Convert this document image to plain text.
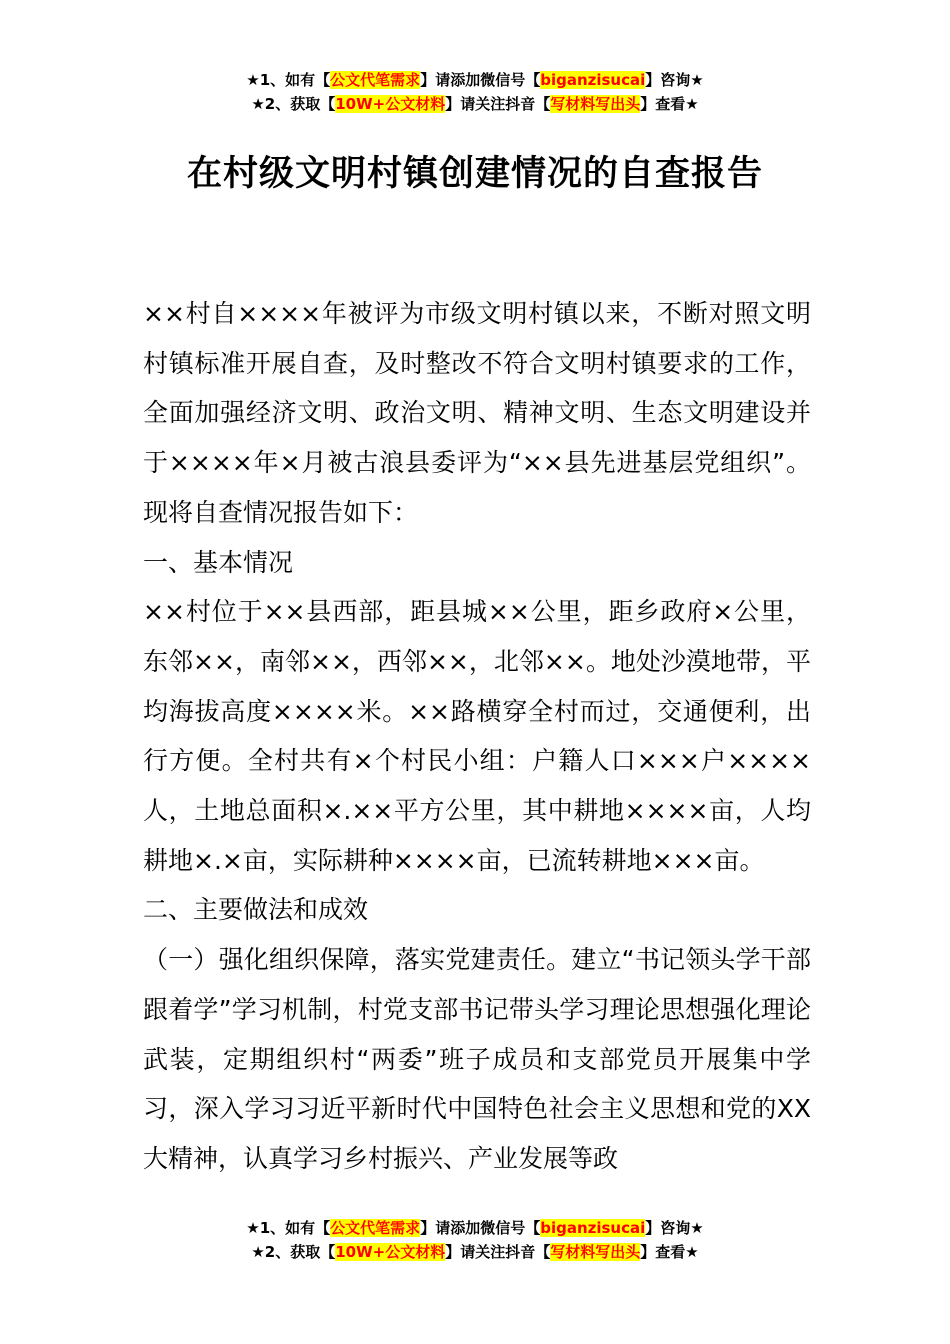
★1、如有【公文代笔需求】请添加微信号【biganzisucai】咨询★
★2、获取【10W+公文材料】请关注抖音【写材料写出头】查看★
在村级文明村镇创建情况的自查报告

××村自××××年被评为市级文明村镇以来，不断对照文明村镇标准开展自查，及时整改不符合文明村镇要求的工作，全面加强经济文明、政治文明、精神文明、生态文明建设并于××××年×月被古浪县委评为“××县先进基层党组织”。现将自查情况报告如下：

一、基本情况

××村位于××县西部，距县城××公里，距乡政府×公里，东邻××，南邻××，西邻××，北邻××。地处沙漠地带，平均海拔高度××××米。××路横穿全村而过，交通便利，出行方便。全村共有×个村民小组：户籍人口×××户××××人，土地总面积×.××平方公里，其中耕地××××亩，人均耕地×.×亩，实际耕种××××亩，已流转耕地×××亩。

二、主要做法和成效

（一）强化组织保障，落实党建责任。建立“书记领头学干部跟着学”学习机制，村党支部书记带头学习理论思想强化理论武装，定期组织村“两委”班子成员和支部党员开展集中学习，深入学习习近平新时代中国特色社会主义思想和党的XX大精神，认真学习乡村振兴、产业发展等政

★1、如有【公文代笔需求】请添加微信号【biganzisucai】咨询★
★2、获取【10W+公文材料】请关注抖音【写材料写出头】查看★
